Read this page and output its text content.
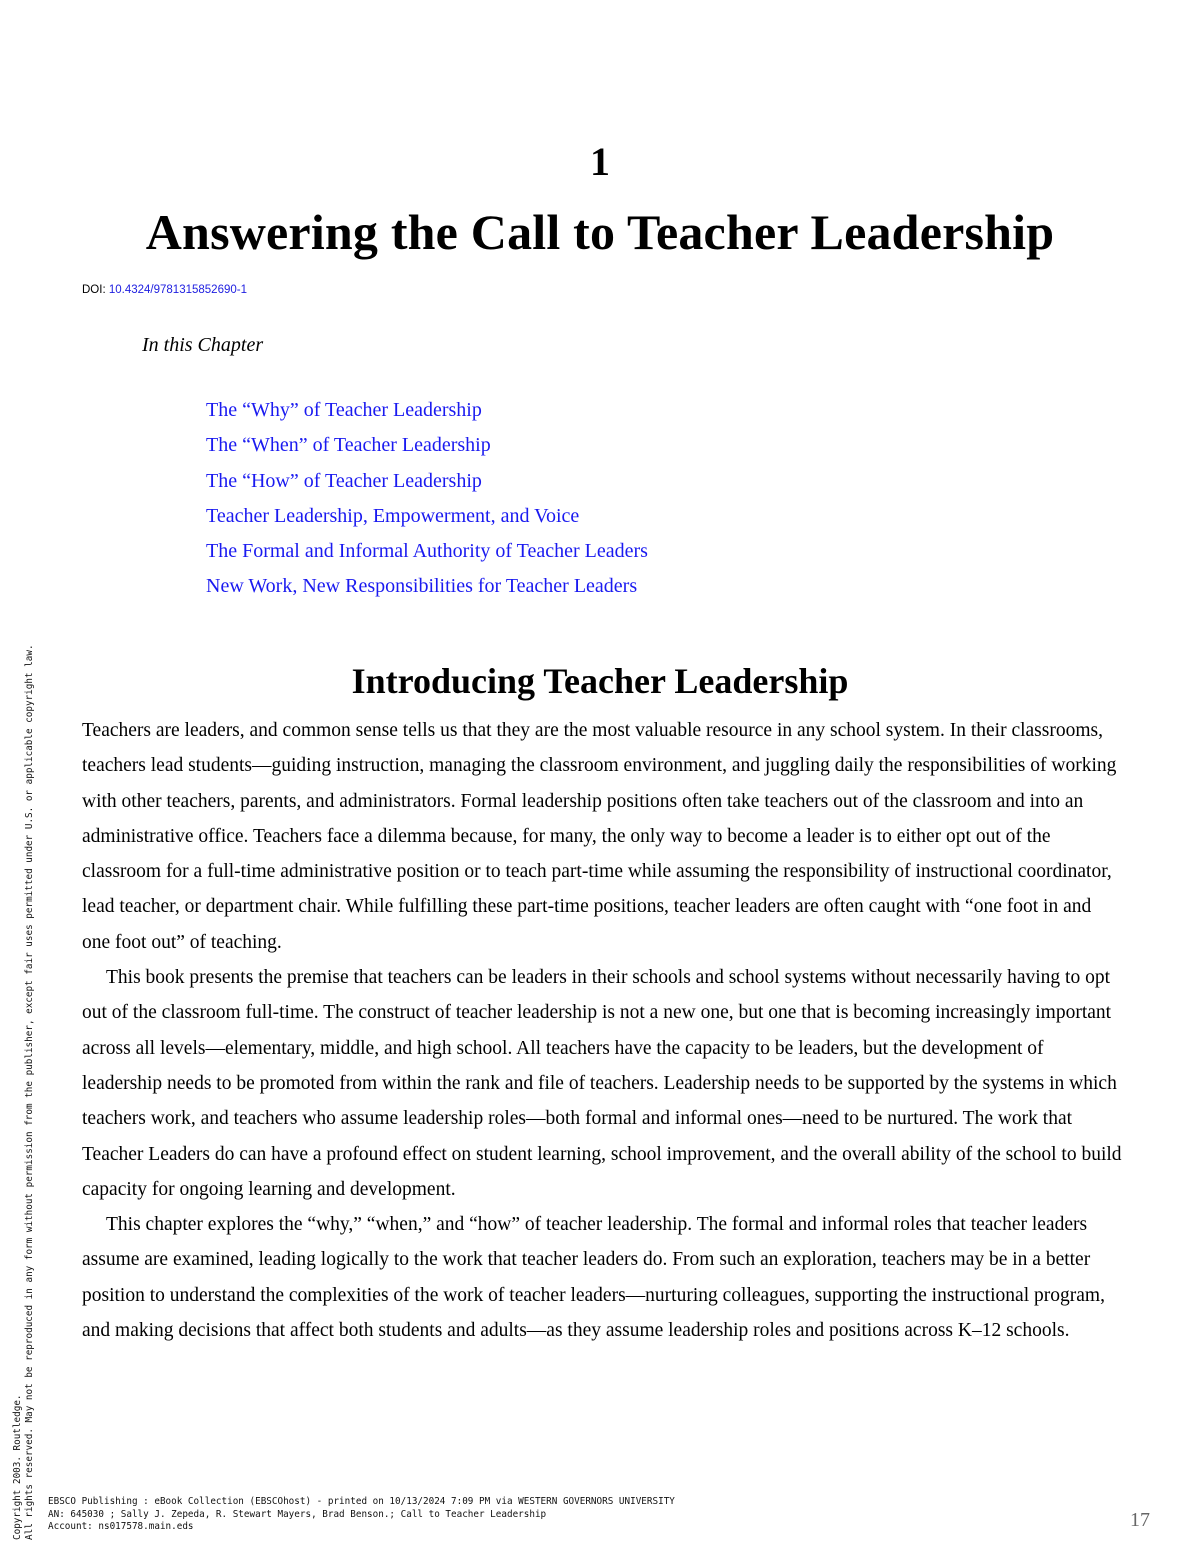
1
Answering the Call to Teacher Leadership
DOI: 10.4324/9781315852690-1
In this Chapter
The “Why” of Teacher Leadership
The “When” of Teacher Leadership
The “How” of Teacher Leadership
Teacher Leadership, Empowerment, and Voice
The Formal and Informal Authority of Teacher Leaders
New Work, New Responsibilities for Teacher Leaders
Introducing Teacher Leadership

Teachers are leaders, and common sense tells us that they are the most valuable resource in any school system. In their classrooms, teachers lead students—guiding instruction, managing the classroom environment, and juggling daily the responsibilities of working with other teachers, parents, and administrators. Formal leadership positions often take teachers out of the classroom and into an administrative office. Teachers face a dilemma because, for many, the only way to become a leader is to either opt out of the classroom for a full-time administrative position or to teach part-time while assuming the responsibility of instructional coordinator, lead teacher, or department chair. While fulfilling these part-time positions, teacher leaders are often caught with “one foot in and one foot out” of teaching.

This book presents the premise that teachers can be leaders in their schools and school systems without necessarily having to opt out of the classroom full-time. The construct of teacher leadership is not a new one, but one that is becoming increasingly important across all levels—elementary, middle, and high school. All teachers have the capacity to be leaders, but the development of leadership needs to be promoted from within the rank and file of teachers. Leadership needs to be supported by the systems in which teachers work, and teachers who assume leadership roles—both formal and informal ones—need to be nurtured. The work that Teacher Leaders do can have a profound effect on student learning, school improvement, and the overall ability of the school to build capacity for ongoing learning and development.

This chapter explores the “why,” “when,” and “how” of teacher leadership. The formal and informal roles that teacher leaders assume are examined, leading logically to the work that teacher leaders do. From such an exploration, teachers may be in a better position to understand the complexities of the work of teacher leaders—nurturing colleagues, supporting the instructional program, and making decisions that affect both students and adults—as they assume leadership roles and positions across K–12 schools.

Copyright 2003. Routledge. All rights reserved. May not be reproduced in any form without permission from the publisher, except fair uses permitted under U.S. or applicable copyright law. EBSCO Publishing : eBook Collection (EBSCOhost) - printed on 10/13/2024 7:09 PM via WESTERN GOVERNORS UNIVERSITY
AN: 645030 ; Sally J. Zepeda, R. Stewart Mayers, Brad Benson.; Call to Teacher Leadership
Account: ns017578.main.eds	17
